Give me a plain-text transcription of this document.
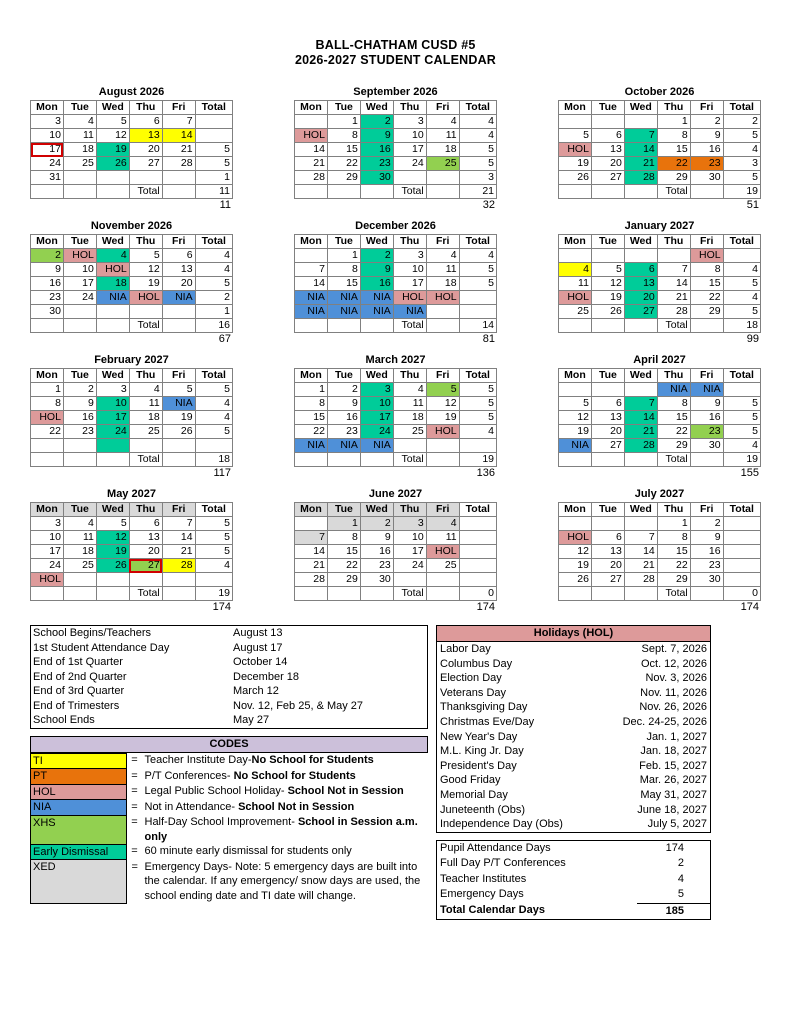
BALL-CHATHAM CUSD #5
2026-2027 STUDENT CALENDAR
August 2026
Mon	Tue	Wed	Thu	Fri	Total
3	4	5	6	7	
10	11	12	13	14	
17	18	19	20	21	5
24	25	26	27	28	5
31					1
			Total		11
11
September 2026
Mon	Tue	Wed	Thu	Fri	Total
	1	2	3	4	4
HOL	8	9	10	11	4
14	15	16	17	18	5
21	22	23	24	25	5
28	29	30			3
			Total		21
32
October 2026
Mon	Tue	Wed	Thu	Fri	Total
			1	2	2
5	6	7	8	9	5
HOL	13	14	15	16	4
19	20	21	22	23	3
26	27	28	29	30	5
			Total		19
51
November 2026
Mon	Tue	Wed	Thu	Fri	Total
2	HOL	4	5	6	4
9	10	HOL	12	13	4
16	17	18	19	20	5
23	24	NIA	HOL	NIA	2
30					1
			Total		16
67
December 2026
Mon	Tue	Wed	Thu	Fri	Total
	1	2	3	4	4
7	8	9	10	11	5
14	15	16	17	18	5
NIA	NIA	NIA	HOL	HOL	
NIA	NIA	NIA	NIA		
			Total		14
81
January 2027
Mon	Tue	Wed	Thu	Fri	Total
				HOL	
4	5	6	7	8	4
11	12	13	14	15	5
HOL	19	20	21	22	4
25	26	27	28	29	5
			Total		18
99
February 2027
Mon	Tue	Wed	Thu	Fri	Total
1	2	3	4	5	5
8	9	10	11	NIA	4
HOL	16	17	18	19	4
22	23	24	25	26	5

			Total		18
117
March 2027
Mon	Tue	Wed	Thu	Fri	Total
1	2	3	4	5	5
8	9	10	11	12	5
15	16	17	18	19	5
22	23	24	25	HOL	4
NIA	NIA	NIA			
			Total		19
136
April 2027
Mon	Tue	Wed	Thu	Fri	Total
			NIA	NIA	
5	6	7	8	9	5
12	13	14	15	16	5
19	20	21	22	23	5
NIA	27	28	29	30	4
			Total		19
155
May 2027
Mon	Tue	Wed	Thu	Fri	Total
3	4	5	6	7	5
10	11	12	13	14	5
17	18	19	20	21	5
24	25	26	27	28	4
HOL					
			Total		19
174
June 2027
Mon	Tue	Wed	Thu	Fri	Total
	1	2	3	4	
7	8	9	10	11	
14	15	16	17	HOL	
21	22	23	24	25	
28	29	30			
			Total		0
174
July 2027
Mon	Tue	Wed	Thu	Fri	Total
			1	2	
HOL	6	7	8	9	
12	13	14	15	16	
19	20	21	22	23	
26	27	28	29	30	
			Total		0
174
School Begins/Teachers	August 13
1st Student Attendance Day	August 17
End of 1st Quarter	October 14
End of 2nd Quarter	December 18
End of 3rd Quarter	March 12
End of Trimesters	Nov. 12, Feb 25, & May 27
School Ends	May 27
CODES
TI	=	Teacher Institute Day-No School for Students
PT	=	P/T Conferences- No School for Students
HOL	=	Legal Public School Holiday- School Not in Session
NIA	=	Not in Attendance- School Not in Session
XHS	=	Half-Day School Improvement- School in Session a.m. only
Early Dismissal	=	60 minute early dismissal for students only
XED	=	Emergency Days- Note: 5 emergency days are built into the calendar. If any emergency/ snow days are used, the school ending date and TI date will change.
Holidays (HOL)
Labor Day	Sept. 7, 2026
Columbus Day	Oct. 12, 2026
Election Day	Nov. 3, 2026
Veterans Day	Nov. 11, 2026
Thanksgiving Day	Nov. 26, 2026
Christmas Eve/Day	Dec. 24-25, 2026
New Year's Day	Jan. 1, 2027
M.L. King Jr. Day	Jan. 18, 2027
President's Day	Feb. 15, 2027
Good Friday	Mar. 26, 2027
Memorial Day	May 31, 2027
Juneteenth (Obs)	June 18, 2027
Independence Day (Obs)	July 5, 2027
Pupil Attendance Days	174
Full Day P/T Conferences	2
Teacher Institutes	4
Emergency Days	5
Total Calendar Days	185
